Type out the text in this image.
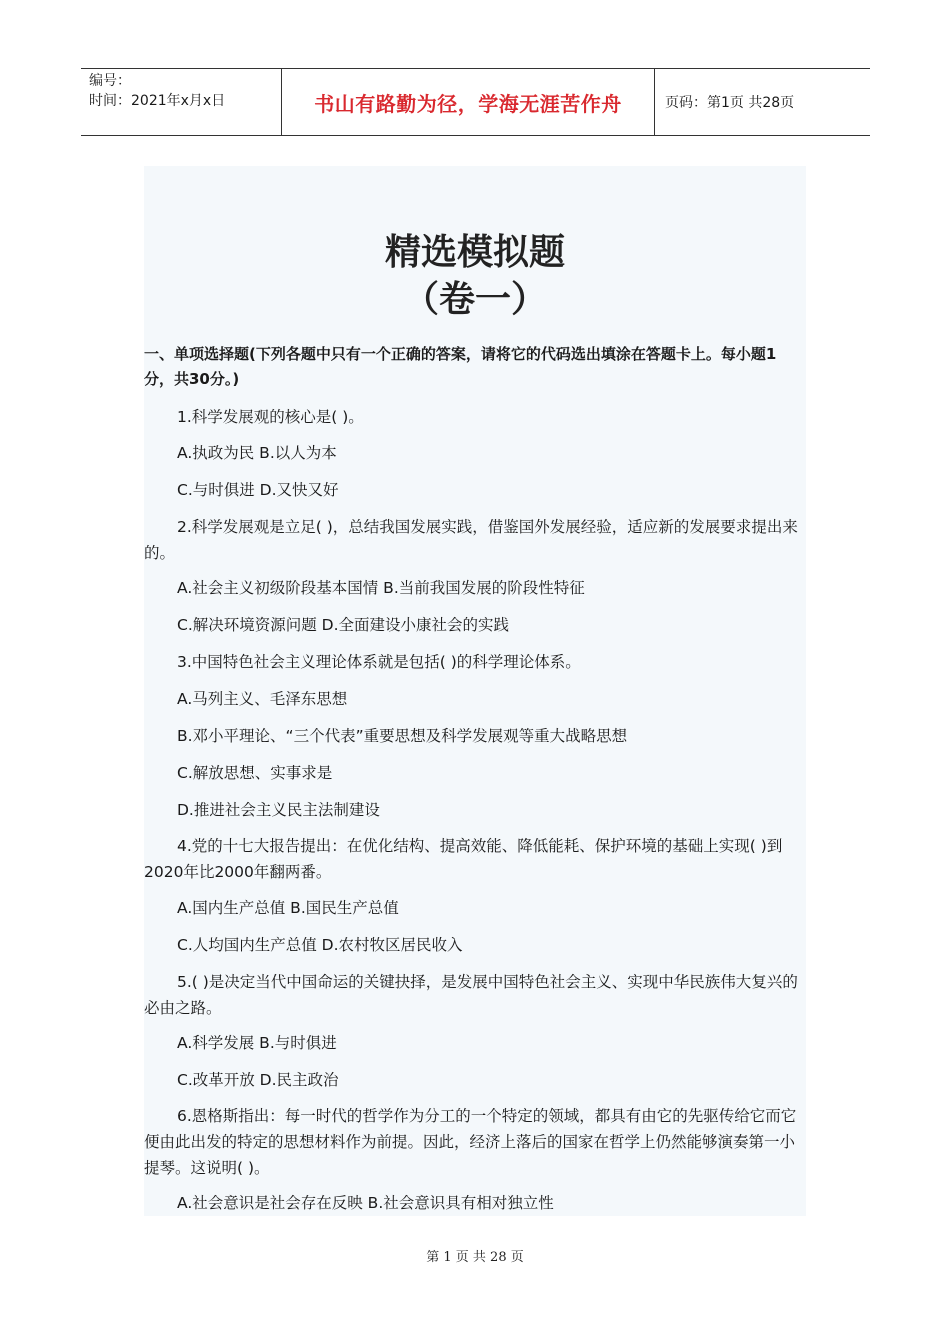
编号：
时间：2021年x月x日	书山有路勤为径，学海无涯苦作舟	页码：第1页 共28页
精选模拟题
（卷一）
一、单项选择题(下列各题中只有一个正确的答案，请将它的代码选出填涂在答题卡上。每小题1分，共30分。)
1.科学发展观的核心是( )。
A.执政为民 B.以人为本
C.与时俱进 D.又快又好
2.科学发展观是立足( )，总结我国发展实践，借鉴国外发展经验，适应新的发展要求提出来的。
A.社会主义初级阶段基本国情 B.当前我国发展的阶段性特征
C.解决环境资源问题 D.全面建设小康社会的实践
3.中国特色社会主义理论体系就是包括( )的科学理论体系。
A.马列主义、毛泽东思想
B.邓小平理论、“三个代表”重要思想及科学发展观等重大战略思想
C.解放思想、实事求是
D.推进社会主义民主法制建设
4.党的十七大报告提出：在优化结构、提高效能、降低能耗、保护环境的基础上实现( )到2020年比2000年翻两番。
A.国内生产总值 B.国民生产总值
C.人均国内生产总值 D.农村牧区居民收入
5.( )是决定当代中国命运的关键抉择，是发展中国特色社会主义、实现中华民族伟大复兴的必由之路。
A.科学发展 B.与时俱进
C.改革开放 D.民主政治
6.恩格斯指出：每一时代的哲学作为分工的一个特定的领域，都具有由它的先驱传给它而它便由此出发的特定的思想材料作为前提。因此，经济上落后的国家在哲学上仍然能够演奏第一小提琴。这说明( )。
A.社会意识是社会存在反映 B.社会意识具有相对独立性
第 1 页 共 28 页
